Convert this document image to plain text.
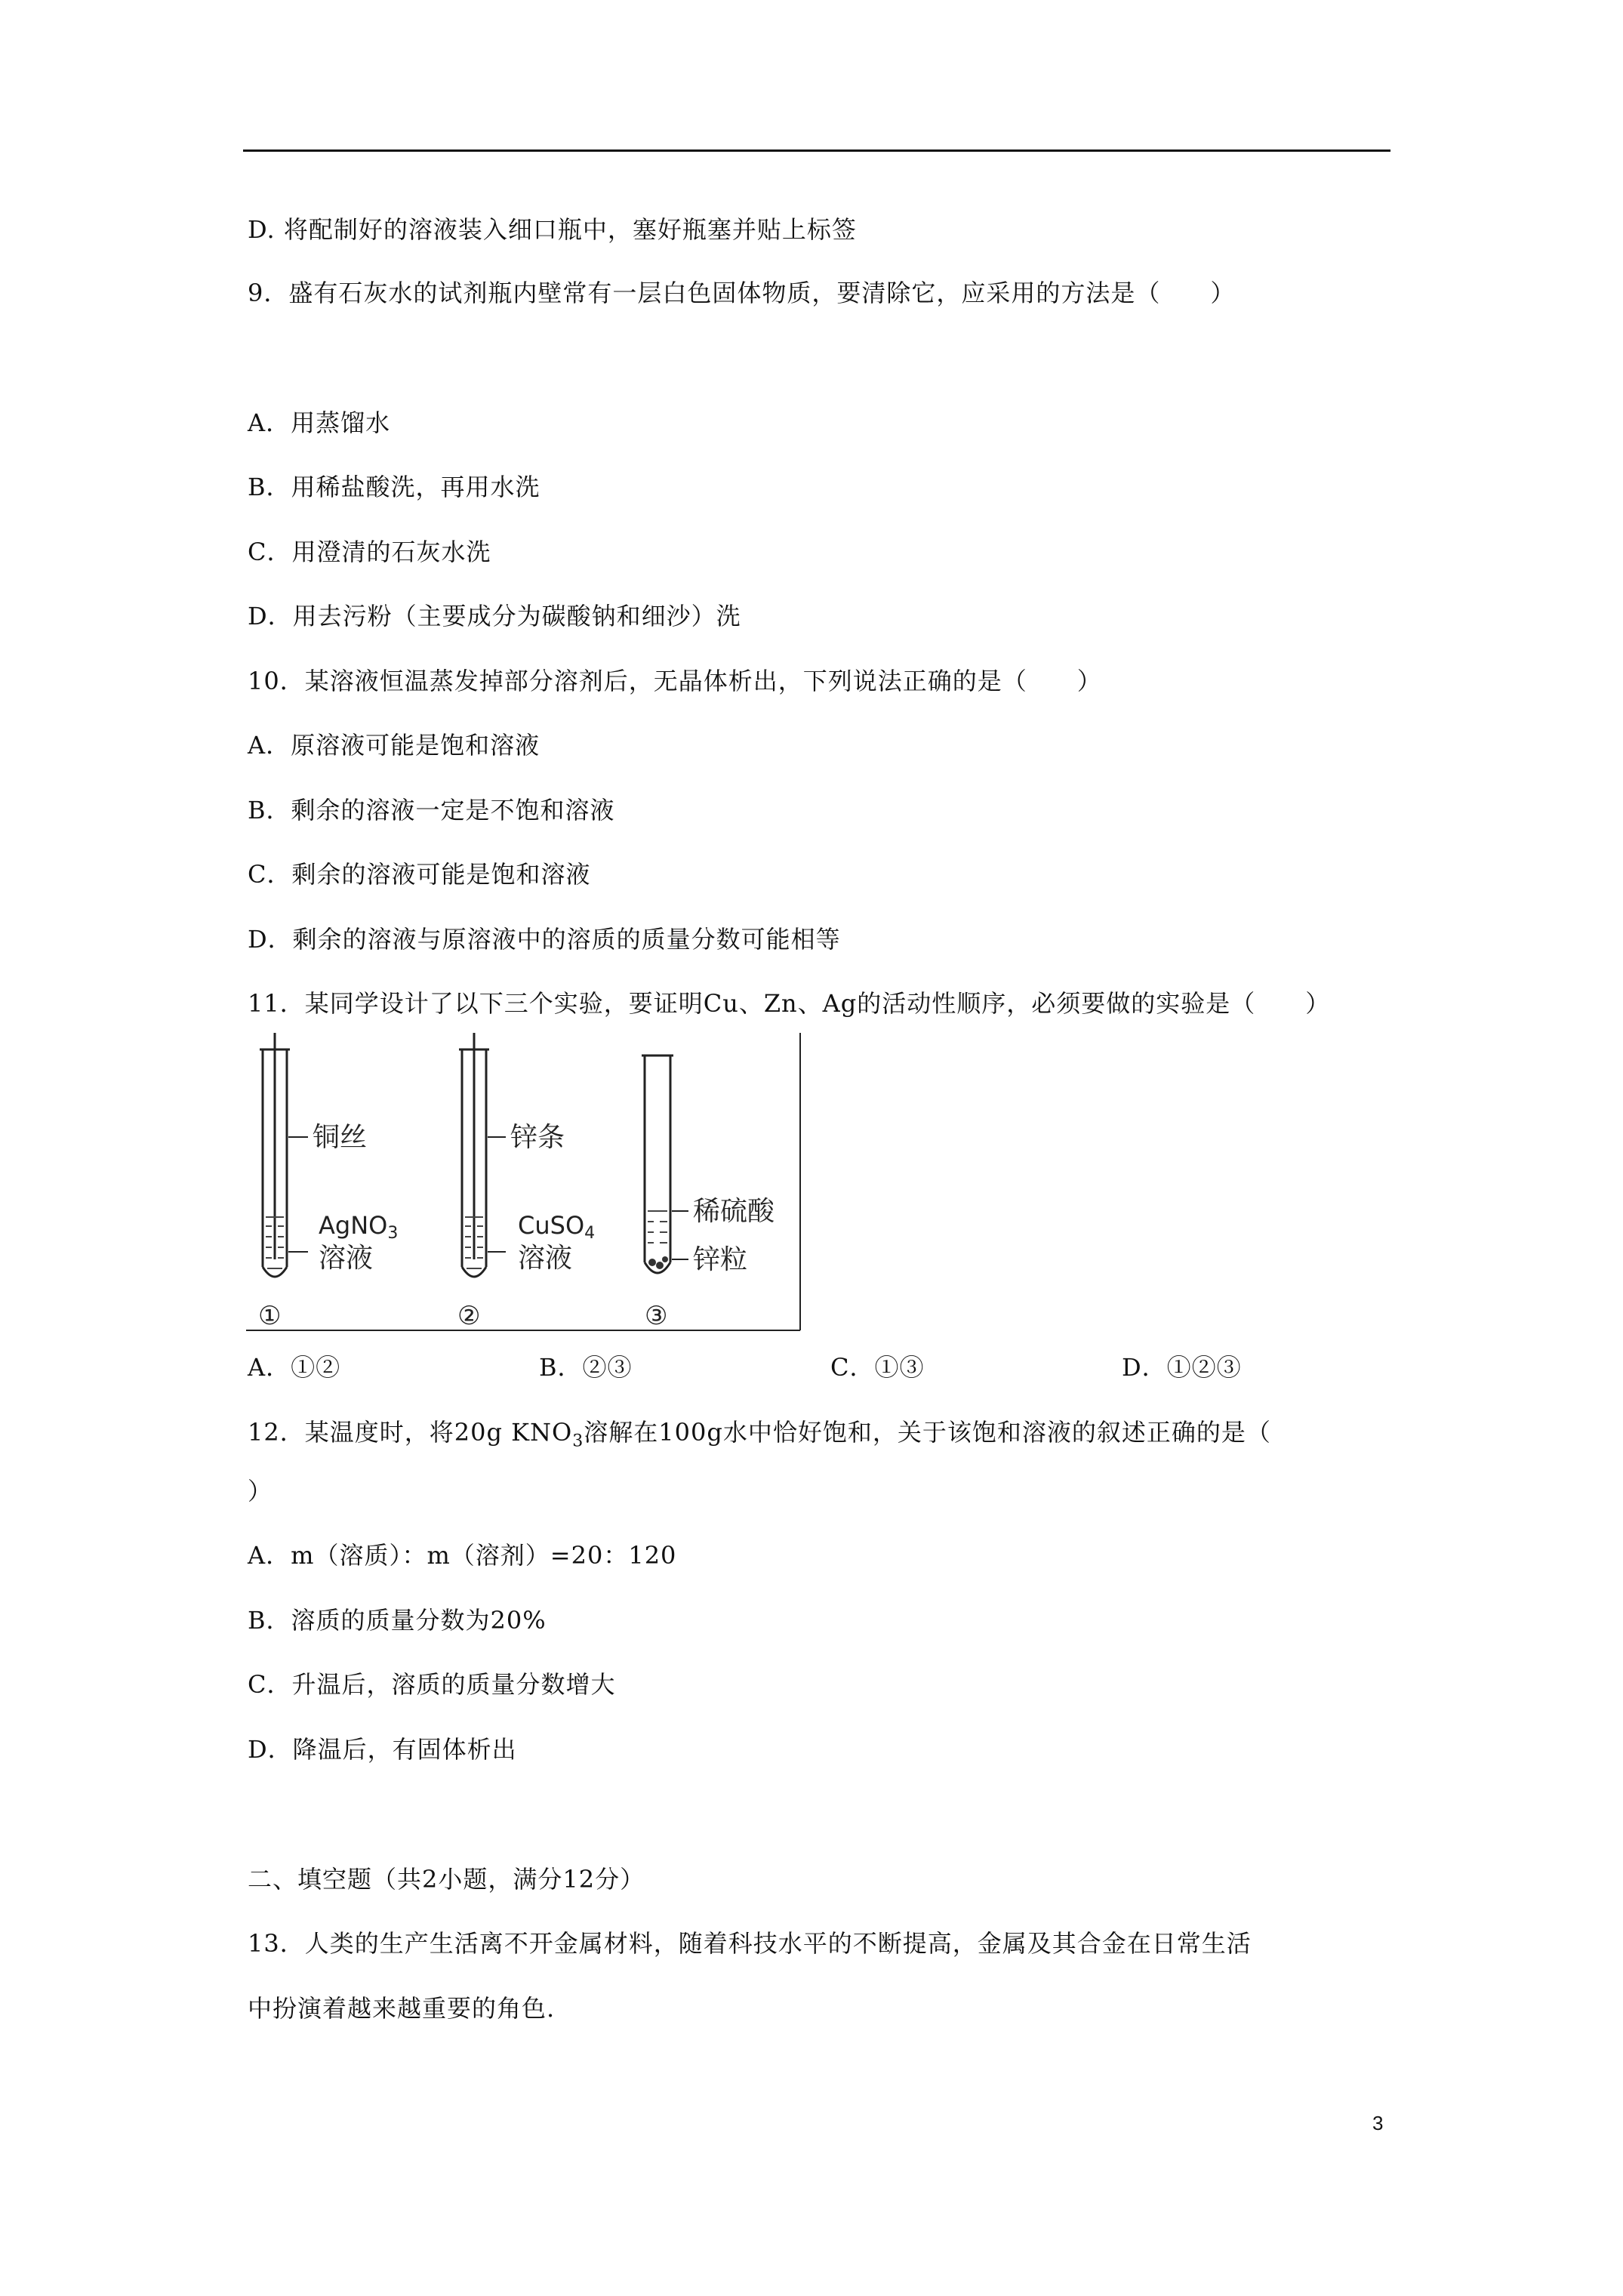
D. 将配制好的溶液装入细口瓶中，塞好瓶塞并贴上标签
9．盛有石灰水的试剂瓶内壁常有一层白色固体物质，要清除它，应采用的方法是（　　）
A．用蒸馏水
B．用稀盐酸洗，再用水洗
C．用澄清的石灰水洗
D．用去污粉（主要成分为碳酸钠和细沙）洗
10．某溶液恒温蒸发掉部分溶剂后，无晶体析出，下列说法正确的是（　　）
A．原溶液可能是饱和溶液
B．剩余的溶液一定是不饱和溶液
C．剩余的溶液可能是饱和溶液
D．剩余的溶液与原溶液中的溶质的质量分数可能相等
11．某同学设计了以下三个实验，要证明Cu、Zn、Ag的活动性顺序，必须要做的实验是（　　）
铜丝
AgNO3
溶液
①
锌条
CuSO4
溶液
②
稀硫酸
锌粒
③
A．①②	B．②③	C．①③	D．①②③
12．某温度时，将20g $KNO_3$溶解在100g水中恰好饱和，关于该饱和溶液的叙述正确的是（
）
A．m（溶质）：m（溶剂）=20：120
B．溶质的质量分数为20%
C．升温后，溶质的质量分数增大
D．降温后，有固体析出
二、填空题（共2小题，满分12分）
13．人类的生产生活离不开金属材料，随着科技水平的不断提高，金属及其合金在日常生活
中扮演着越来越重要的角色.
3
